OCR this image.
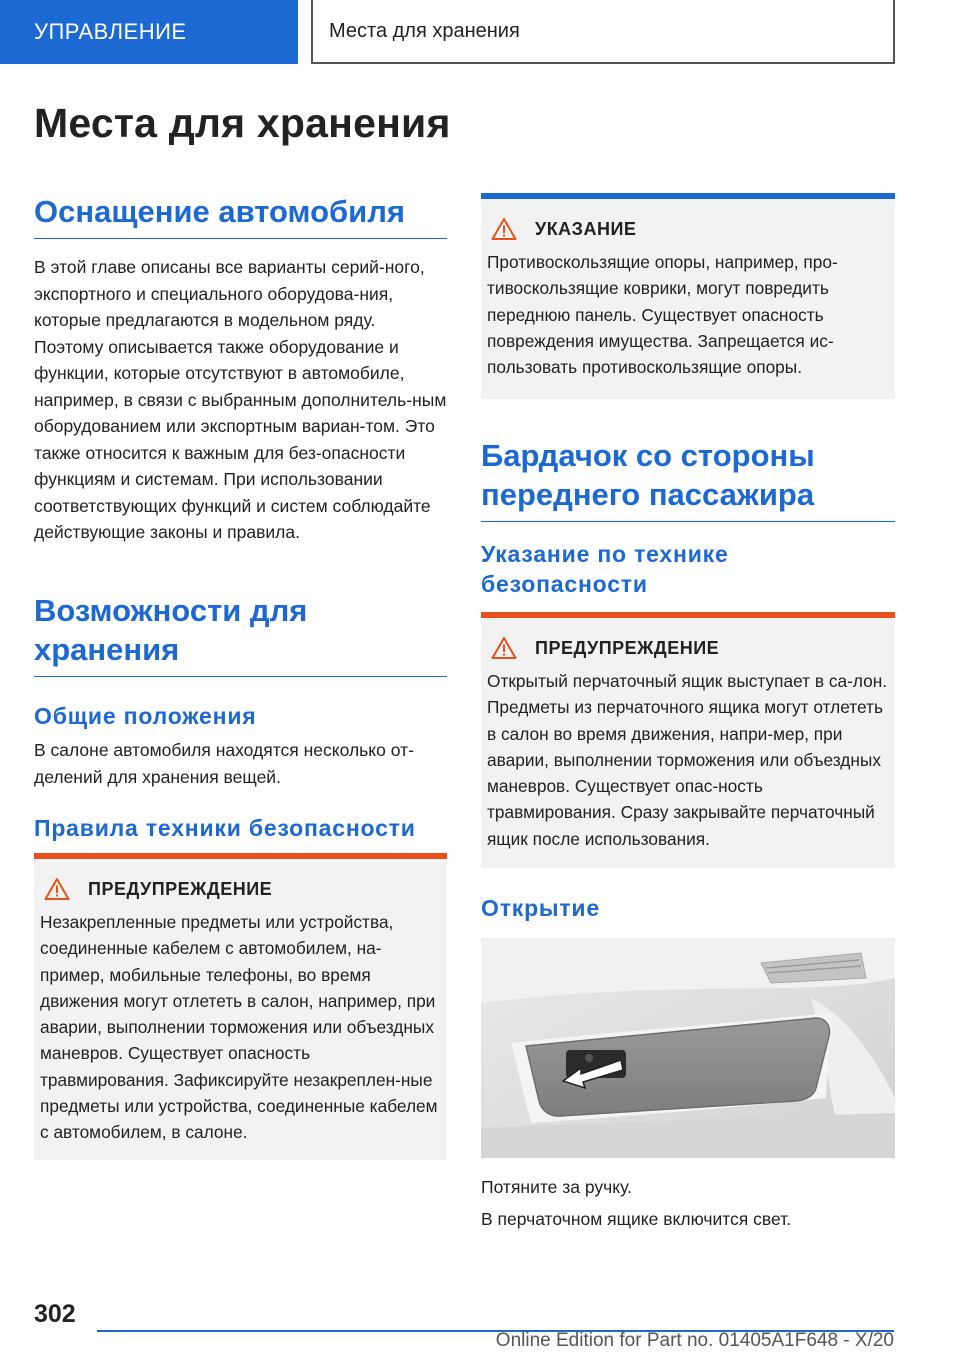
УПРАВЛЕНИЕ	Места для хранения
Места для хранения
Оснащение автомобиля

В этой главе описаны все варианты серий-ного, экспортного и специального оборудова-ния, которые предлагаются в модельном ряду. Поэтому описывается также оборудование и функции, которые отсутствуют в автомобиле, например, в связи с выбранным дополнитель-ным оборудованием или экспортным вариан-том. Это также относится к важным для без-опасности функциям и системам. При использовании соответствующих функций и систем соблюдайте действующие законы и правила.

Возможности для хранения
Общие положения

В салоне автомобиля находятся несколько от-делений для хранения вещей.

Правила техники безопасности
ПРЕДУПРЕЖДЕНИЕ

Незакрепленные предметы или устройства, соединенные кабелем с автомобилем, на-пример, мобильные телефоны, во время движения могут отлететь в салон, например, при аварии, выполнении торможения или объездных маневров. Существует опасность травмирования. Зафиксируйте незакреплен-ные предметы или устройства, соединенные кабелем с автомобилем, в салоне.

УКАЗАНИЕ

Противоскользящие опоры, например, про-тивоскользящие коврики, могут повредить переднюю панель. Существует опасность повреждения имущества. Запрещается ис-пользовать противоскользящие опоры.

Бардачок со стороны переднего пассажира
Указание по технике безопасности
ПРЕДУПРЕЖДЕНИЕ

Открытый перчаточный ящик выступает в са-лон. Предметы из перчаточного ящика могут отлететь в салон во время движения, напри-мер, при аварии, выполнении торможения или объездных маневров. Существует опас-ность травмирования. Сразу закрывайте перчаточный ящик после использования.

Открытие

Потяните за ручку.

В перчаточном ящике включится свет.

302
Online Edition for Part no. 01405A1F648 - X/20
